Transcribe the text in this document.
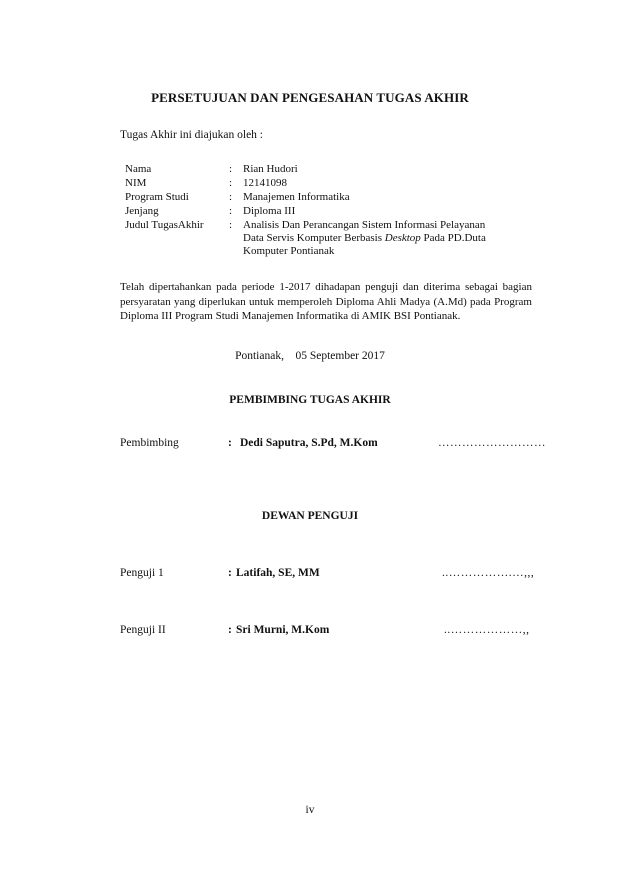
PERSETUJUAN DAN PENGESAHAN TUGAS AKHIR
Tugas Akhir ini diajukan oleh :
Nama	: Rian Hudori
NIM	: 12141098
Program Studi	: Manajemen Informatika
Jenjang	: Diploma III
Judul TugasAkhir	: Analisis Dan Perancangan Sistem Informasi Pelayanan
Data Servis Komputer Berbasis Desktop Pada PD.Duta
Komputer Pontianak
Telah dipertahankan pada periode 1-2017 dihadapan penguji dan diterima sebagai bagian persyaratan yang diperlukan untuk memperoleh Diploma Ahli Madya (A.Md) pada Program Diploma III Program Studi Manajemen Informatika di AMIK BSI Pontianak.
Pontianak,    05 September 2017
PEMBIMBING TUGAS AKHIR
Pembimbing	: Dedi Saputra, S.Pd, M.Kom	………………………
DEWAN PENGUJI
Penguji 1	: Latifah, SE, MM	..…………….…,,,
Penguji II	: Sri Murni, M.Kom	..………………,,
iv
